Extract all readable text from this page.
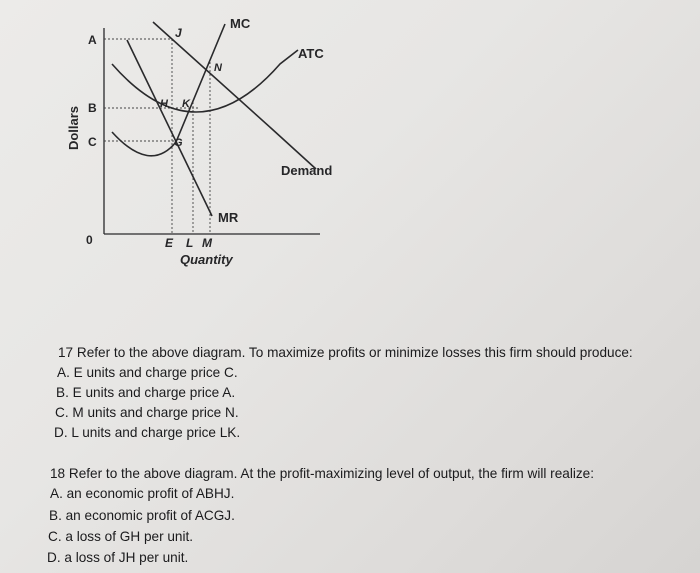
Dollars
Quantity
0
A
B
C
E L M
MC
ATC
Demand
MR
J
N
H K
G

17 Refer to the above diagram. To maximize profits or minimize losses this firm should produce:

A. E units and charge price C.

B. E units and charge price A.

C. M units and charge price N.

D. L units and charge price LK.

18 Refer to the above diagram. At the profit-maximizing level of output, the firm will realize:

A. an economic profit of ABHJ.

B. an economic profit of ACGJ.

C. a loss of GH per unit.

D. a loss of JH per unit.
